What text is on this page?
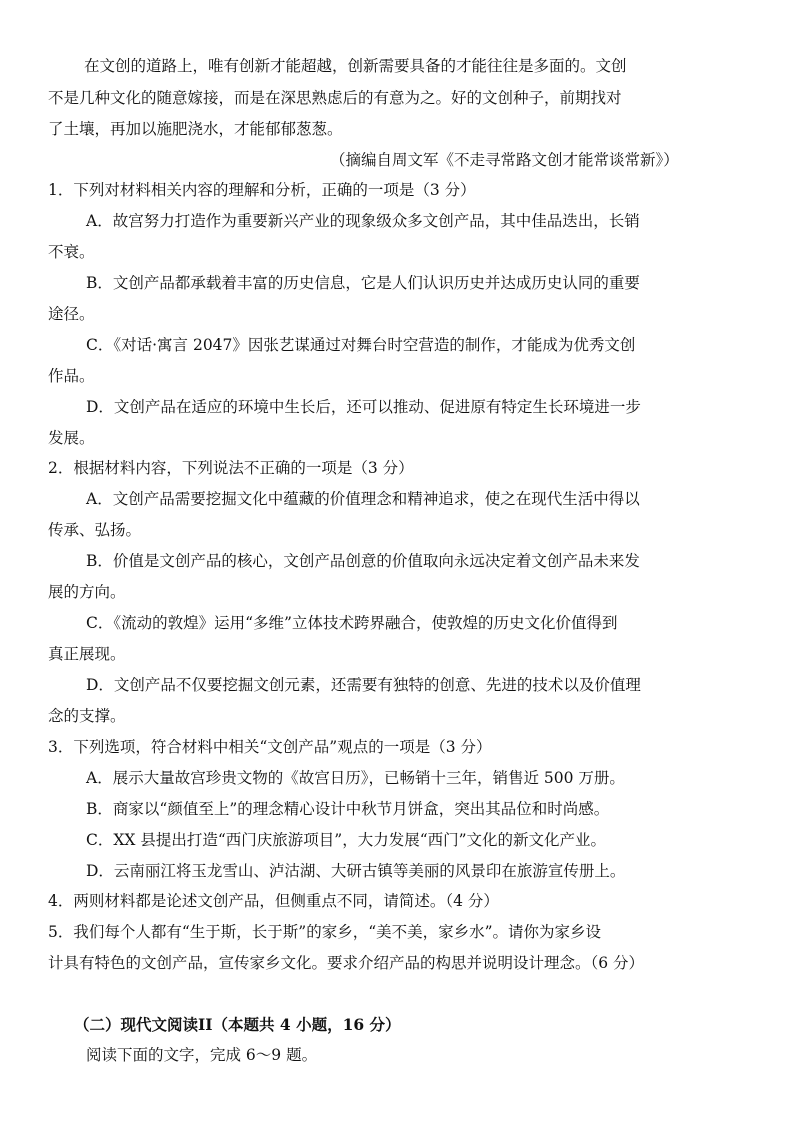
在文创的道路上，唯有创新才能超越，创新需要具备的才能往往是多面的。文创
不是几种文化的随意嫁接，而是在深思熟虑后的有意为之。好的文创种子，前期找对
了土壤，再加以施肥浇水，才能郁郁葱葱。
（摘编自周文军《不走寻常路文创才能常谈常新》）
1．下列对材料相关内容的理解和分析，正确的一项是（3 分）
A．故宫努力打造作为重要新兴产业的现象级众多文创产品，其中佳品迭出，长销
不衰。
B．文创产品都承载着丰富的历史信息，它是人们认识历史并达成历史认同的重要
途径。
C．《对话·寓言 2047》因张艺谋通过对舞台时空营造的制作，才能成为优秀文创
作品。
D．文创产品在适应的环境中生长后，还可以推动、促进原有特定生长环境进一步
发展。
2．根据材料内容，下列说法不正确的一项是（3 分）
A．文创产品需要挖掘文化中蕴藏的价值理念和精神追求，使之在现代生活中得以
传承、弘扬。
B．价值是文创产品的核心，文创产品创意的价值取向永远决定着文创产品未来发
展的方向。
C．《流动的敦煌》运用“多维”立体技术跨界融合，使敦煌的历史文化价值得到
真正展现。
D．文创产品不仅要挖掘文创元素，还需要有独特的创意、先进的技术以及价值理
念的支撑。
3．下列选项，符合材料中相关“文创产品”观点的一项是（3 分）
A．展示大量故宫珍贵文物的《故宫日历》，已畅销十三年，销售近 500 万册。
B．商家以“颜值至上”的理念精心设计中秋节月饼盒，突出其品位和时尚感。
C．XX 县提出打造“西门庆旅游项目”，大力发展“西门”文化的新文化产业。
D．云南丽江将玉龙雪山、泸沽湖、大研古镇等美丽的风景印在旅游宣传册上。
4．两则材料都是论述文创产品，但侧重点不同，请简述。（4 分）
5．我们每个人都有“生于斯，长于斯”的家乡，“美不美，家乡水”。请你为家乡设
计具有特色的文创产品，宣传家乡文化。要求介绍产品的构思并说明设计理念。（6 分）
（二）现代文阅读II（本题共 4 小题，16 分）
阅读下面的文字，完成 6～9 题。
